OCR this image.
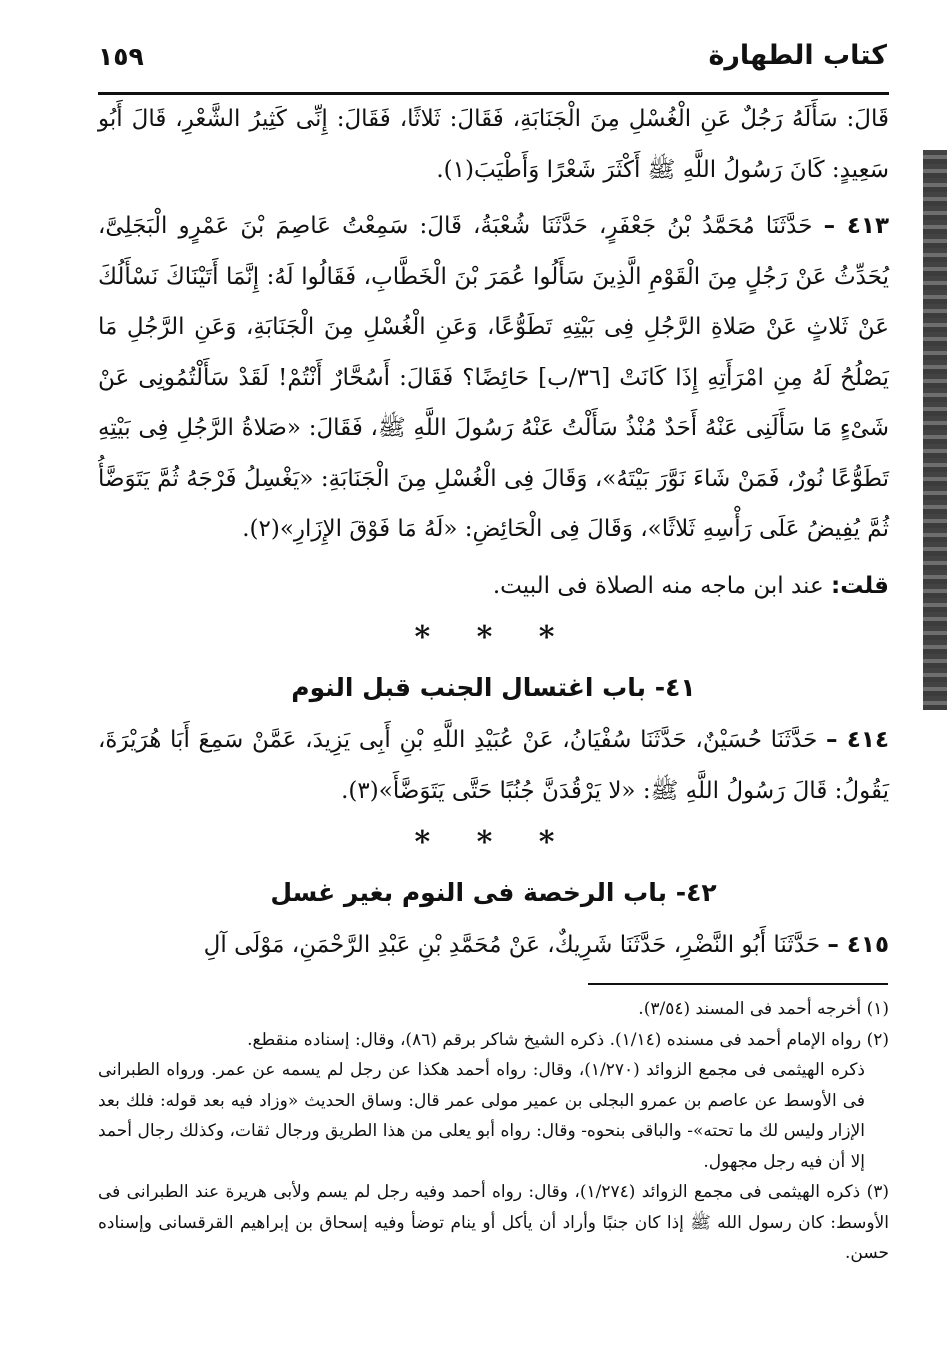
كتاب الطهارة
١٥٩

قَالَ: سَأَلَهُ رَجُلٌ عَنِ الْغُسْلِ مِنَ الْجَنَابَةِ، فَقَالَ: ثَلاثًا، فَقَالَ: إِنِّى كَثِيرُ الشَّعْرِ، قَالَ أَبُو سَعِيدٍ: كَانَ رَسُولُ اللَّهِ ﷺ أَكْثَرَ شَعْرًا وَأَطْيَبَ(١).

٤١٣ – حَدَّثَنَا مُحَمَّدُ بْنُ جَعْفَرٍ، حَدَّثَنَا شُعْبَةُ، قَالَ: سَمِعْتُ عَاصِمَ بْنَ عَمْرٍو الْبَجَلِىَّ، يُحَدِّثُ عَنْ رَجُلٍ مِنَ الْقَوْمِ الَّذِينَ سَأَلُوا عُمَرَ بْنَ الْخَطَّابِ، فَقَالُوا لَهُ: إِنَّمَا أَتَيْنَاكَ نَسْأَلُكَ عَنْ ثَلاثٍ عَنْ صَلاةِ الرَّجُلِ فِى بَيْتِهِ تَطَوُّعًا، وَعَنِ الْغُسْلِ مِنَ الْجَنَابَةِ، وَعَنِ الرَّجُلِ مَا يَصْلُحُ لَهُ مِنِ امْرَأَتِهِ إِذَا كَانَتْ [٣٦/ب] حَائِضًا؟ فَقَالَ: أَسُحَّارٌ أَنْتُمْ! لَقَدْ سَأَلْتُمُونِى عَنْ شَىْءٍ مَا سَأَلَنِى عَنْهُ أَحَدٌ مُنْذُ سَأَلْتُ عَنْهُ رَسُولَ اللَّهِ ﷺ، فَقَالَ: «صَلاةُ الرَّجُلِ فِى بَيْتِهِ تَطَوُّعًا نُورٌ، فَمَنْ شَاءَ نَوَّرَ بَيْتَهُ»، وَقَالَ فِى الْغُسْلِ مِنَ الْجَنَابَةِ: «يَغْسِلُ فَرْجَهُ ثُمَّ يَتَوَضَّأُ ثُمَّ يُفِيضُ عَلَى رَأْسِهِ ثَلاثًا»، وَقَالَ فِى الْحَائِضِ: «لَهُ مَا فَوْقَ الإِزَارِ»(٢).

قلت: عند ابن ماجه منه الصلاة فى البيت.

* * *
٤١- باب اغتسال الجنب قبل النوم

٤١٤ – حَدَّثَنَا حُسَيْنٌ، حَدَّثَنَا سُفْيَانُ، عَنْ عُبَيْدِ اللَّهِ بْنِ أَبِى يَزِيدَ، عَمَّنْ سَمِعَ أَبَا هُرَيْرَةَ، يَقُولُ: قَالَ رَسُولُ اللَّهِ ﷺ: «لا يَرْقُدَنَّ جُنُبًا حَتَّى يَتَوَضَّأَ»(٣).

* * *
٤٢- باب الرخصة فى النوم بغير غسل

٤١٥ – حَدَّثَنَا أَبُو النَّضْرِ، حَدَّثَنَا شَرِيكٌ، عَنْ مُحَمَّدِ بْنِ عَبْدِ الرَّحْمَنِ، مَوْلَى آلِ

(١) أخرجه أحمد فى المسند (٣/٥٤).

(٢) رواه الإمام أحمد فى مسنده (١/١٤). ذكره الشيخ شاكر برقم (٨٦)، وقال: إسناده منقطع.
ذكره الهيثمى فى مجمع الزوائد (١/٢٧٠)، وقال: رواه أحمد هكذا عن رجل لم يسمه عن عمر. ورواه الطبرانى فى الأوسط عن عاصم بن عمرو البجلى بن عمير مولى عمر قال: وساق الحديث «وزاد فيه بعد قوله: فلك بعد الإزار وليس لك ما تحته»- والباقى بنحوه- وقال: رواه أبو يعلى من هذا الطريق ورجال ثقات، وكذلك رجال أحمد إلا أن فيه رجل مجهول.

(٣) ذكره الهيثمى فى مجمع الزوائد (١/٢٧٤)، وقال: رواه أحمد وفيه رجل لم يسم ولأبى هريرة عند الطبرانى فى الأوسط: كان رسول الله ﷺ إذا كان جنبًا وأراد أن يأكل أو ينام توضأ وفيه إسحاق بن إبراهيم القرقسانى وإسناده حسن.
